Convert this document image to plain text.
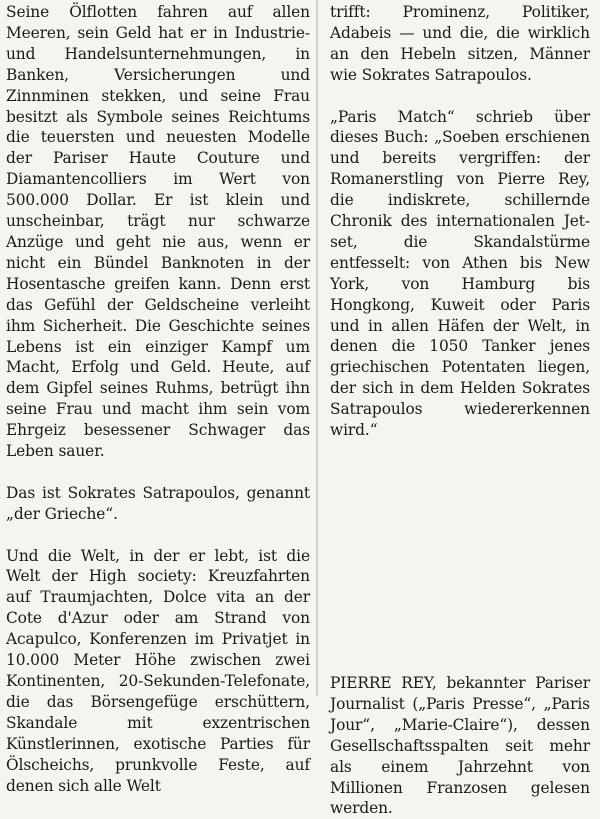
Seine Ölflotten fahren auf allen Meeren, sein Geld hat er in Industrie- und Handelsunternehmungen, in Banken, Versicherungen und Zinnminen stekken, und seine Frau besitzt als Symbole seines Reichtums die teuersten und neuesten Modelle der Pariser Haute Couture und Diamantencolliers im Wert von 500.000 Dollar. Er ist klein und unscheinbar, trägt nur schwarze Anzüge und geht nie aus, wenn er nicht ein Bündel Banknoten in der Hosentasche greifen kann. Denn erst das Gefühl der Geldscheine verleiht ihm Sicherheit. Die Geschichte seines Lebens ist ein einziger Kampf um Macht, Erfolg und Geld. Heute, auf dem Gipfel seines Ruhms, betrügt ihn seine Frau und macht ihm sein vom Ehrgeiz besessener Schwager das Leben sauer.

Das ist Sokrates Satrapoulos, genannt „der Grieche“.

Und die Welt, in der er lebt, ist die Welt der High society: Kreuzfahrten auf Traumjachten, Dolce vita an der Cote d'Azur oder am Strand von Acapulco, Konferenzen im Privatjet in 10.000 Meter Höhe zwischen zwei Kontinenten, 20-Sekunden-Telefonate, die das Börsengefüge erschüttern, Skandale mit exzentrischen Künstlerinnen, exotische Parties für Ölscheichs, prunkvolle Feste, auf denen sich alle Welt

trifft: Prominenz, Politiker, Adabeis — und die, die wirklich an den Hebeln sitzen, Männer wie Sokrates Satrapoulos.

„Paris Match“ schrieb über dieses Buch: „Soeben erschienen und bereits vergriffen: der Romanerstling von Pierre Rey, die indiskrete, schillernde Chronik des internationalen Jet-set, die Skandalstürme entfesselt: von Athen bis New York, von Hamburg bis Hongkong, Kuweit oder Paris und in allen Häfen der Welt, in denen die 1050 Tanker jenes griechischen Potentaten liegen, der sich in dem Helden Sokrates Satrapoulos wiedererkennen wird.“

PIERRE REY, bekannter Pariser Journalist („Paris Presse“, „Paris Jour“, „Marie-Claire“), dessen Gesellschaftsspalten seit mehr als einem Jahrzehnt von Millionen Franzosen gelesen werden.
